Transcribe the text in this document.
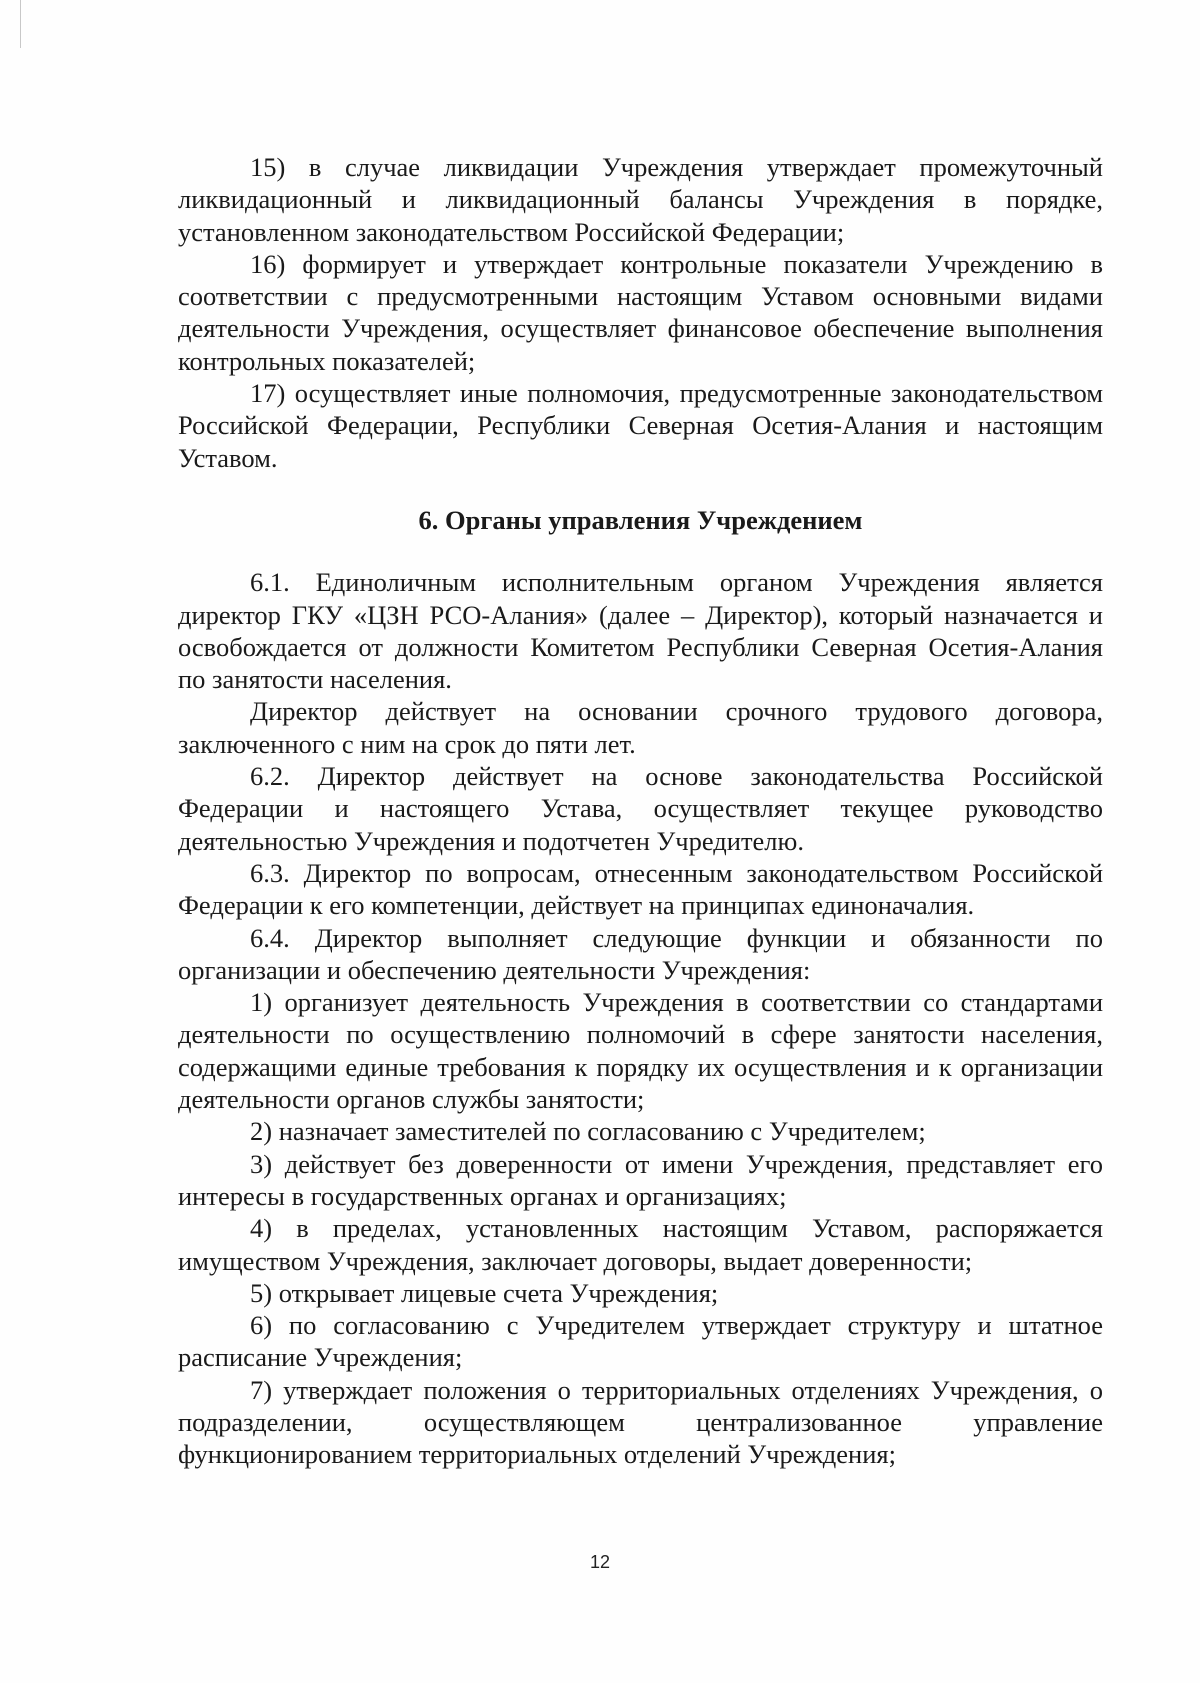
15) в случае ликвидации Учреждения утверждает промежуточный ликвидационный и ликвидационный балансы Учреждения в порядке, установленном законодательством Российской Федерации;

16) формирует и утверждает контрольные показатели Учреждению в соответствии с предусмотренными настоящим Уставом основными видами деятельности Учреждения, осуществляет финансовое обеспечение выполнения контрольных показателей;

17) осуществляет иные полномочия, предусмотренные законодательством Российской Федерации, Республики Северная Осетия-Алания и настоящим Уставом.

6. Органы управления Учреждением

6.1. Единоличным исполнительным органом Учреждения является директор ГКУ «ЦЗН РСО-Алания» (далее – Директор), который назначается и освобождается от должности Комитетом Республики Северная Осетия-Алания по занятости населения.

Директор действует на основании срочного трудового договора, заключенного с ним на срок до пяти лет.

6.2. Директор действует на основе законодательства Российской Федерации и настоящего Устава, осуществляет текущее руководство деятельностью Учреждения и подотчетен Учредителю.

6.3. Директор по вопросам, отнесенным законодательством Российской Федерации к его компетенции, действует на принципах единоначалия.

6.4. Директор выполняет следующие функции и обязанности по организации и обеспечению деятельности Учреждения:

1) организует деятельность Учреждения в соответствии со стандартами деятельности по осуществлению полномочий в сфере занятости населения, содержащими единые требования к порядку их осуществления и к организации деятельности органов службы занятости;

2) назначает заместителей по согласованию с Учредителем;

3) действует без доверенности от имени Учреждения, представляет его интересы в государственных органах и организациях;

4) в пределах, установленных настоящим Уставом, распоряжается имуществом Учреждения, заключает договоры, выдает доверенности;

5) открывает лицевые счета Учреждения;

6) по согласованию с Учредителем утверждает структуру и штатное расписание Учреждения;

7) утверждает положения о территориальных отделениях Учреждения, о подразделении, осуществляющем централизованное управление функционированием территориальных отделений Учреждения;

12
